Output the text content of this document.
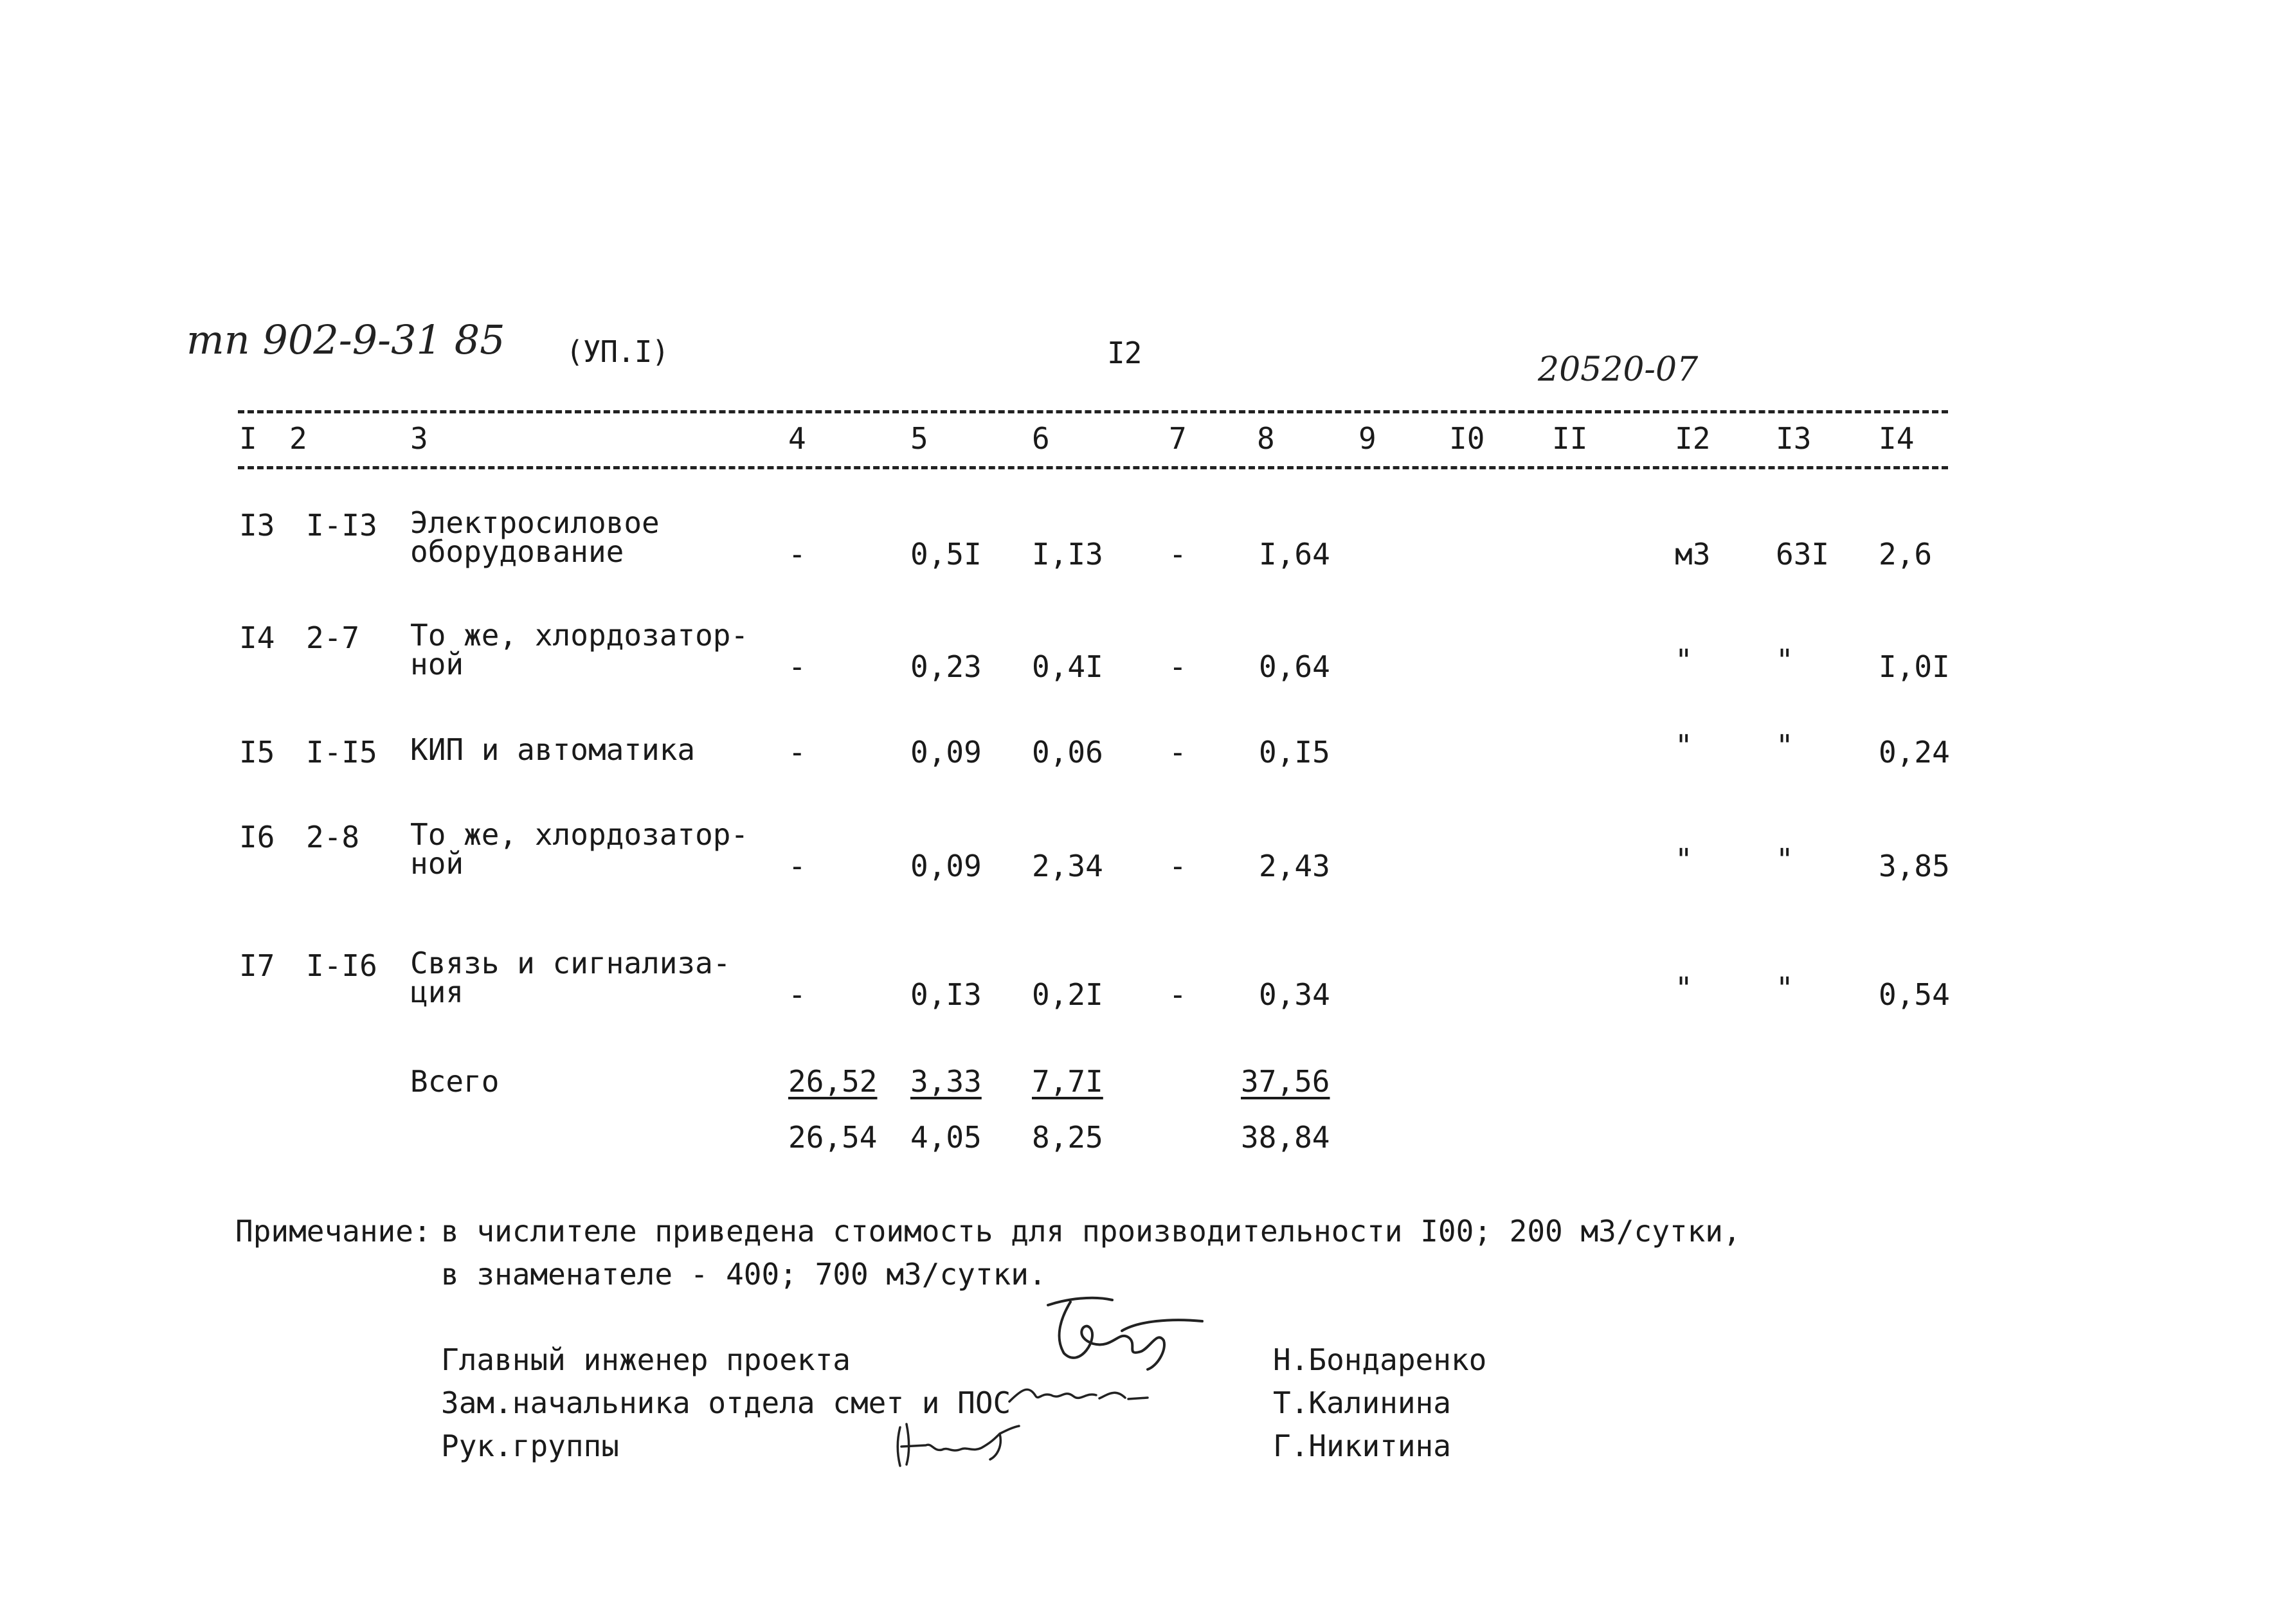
тп 902-9-31 85 (УП.I)	I2	20520-07
I 2	3	4	5	6	7 8	9 I0 II	I2 I3 I4
I3 I-I3 Электросиловое
оборудование	-	0,5I I,I3 - I,64	м3 63I 2,6
I4 2-7 То же, хлордозатор-
ной	-	0,23 0,4I - 0,64	"	"	I,0I
I5 I-I5 КИП и автоматика	-	0,09 0,06 - 0,I5	"	"	0,24
I6 2-8 То же, хлордозатор-
ной	-	0,09 2,34 - 2,43	"	"	3,85
I7 I-I6 Связь и сигнализа-
ция	-	0,I3 0,2I - 0,34	"	"	0,54
Всего	26,52 3,33	7,7I	37,56
26,54 4,05 8,25	38,84
Примечание: в числителе приведена стоимость для производительности I00; 200 м3/сутки,
в знаменателе - 400; 700 м3/сутки.
Главный инженер проекта	Н.Бондаренко
Зам.начальника отдела смет и ПОС	Т.Калинина
Рук.группы	Г.Никитина
